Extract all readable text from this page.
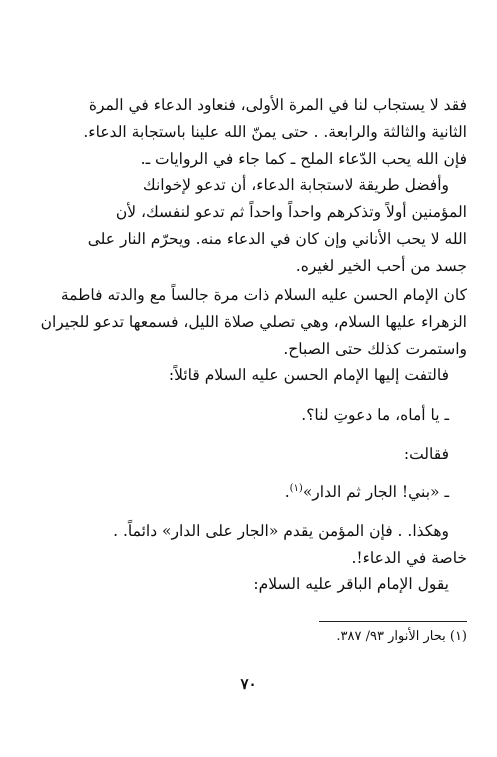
فقد لا يستجاب لنا في المرة الأولى، فنعاود الدعاء في المرة
الثانية والثالثة والرابعة. . حتى يمنّ الله علينا باستجابة الدعاء.
فإن الله يحب الدّعاء الملح ـ كما جاء في الروايات ـ.
وأفضل طريقة لاستجابة الدعاء، أن تدعو لإخوانك
المؤمنين أولاً وتذكرهم واحداً واحداً ثم تدعو لنفسك، لأن
الله لا يحب الأناني وإن كان في الدعاء منه. ويحرّم النار على
جسد من أحب الخير لغيره.
كان الإمام الحسن عليه السلام ذات مرة جالساً مع والدته فاطمة
الزهراء عليها السلام، وهي تصلي صلاة الليل، فسمعها تدعو للجيران
واستمرت كذلك حتى الصباح.
فالتفت إليها الإمام الحسن عليه السلام قائلاً:
ـ يا أماه، ما دعوتِ لنا؟.
فقالت:
ـ «بني! الجار ثم الدار»$^{(١)}$.
وهكذا. . فإن المؤمن يقدم «الجار على الدار» دائماً. .
خاصة في الدعاء!.
يقول الإمام الباقر عليه السلام:
(١) بحار الأنوار ٩٣/ ٣٨٧.
٧٠
